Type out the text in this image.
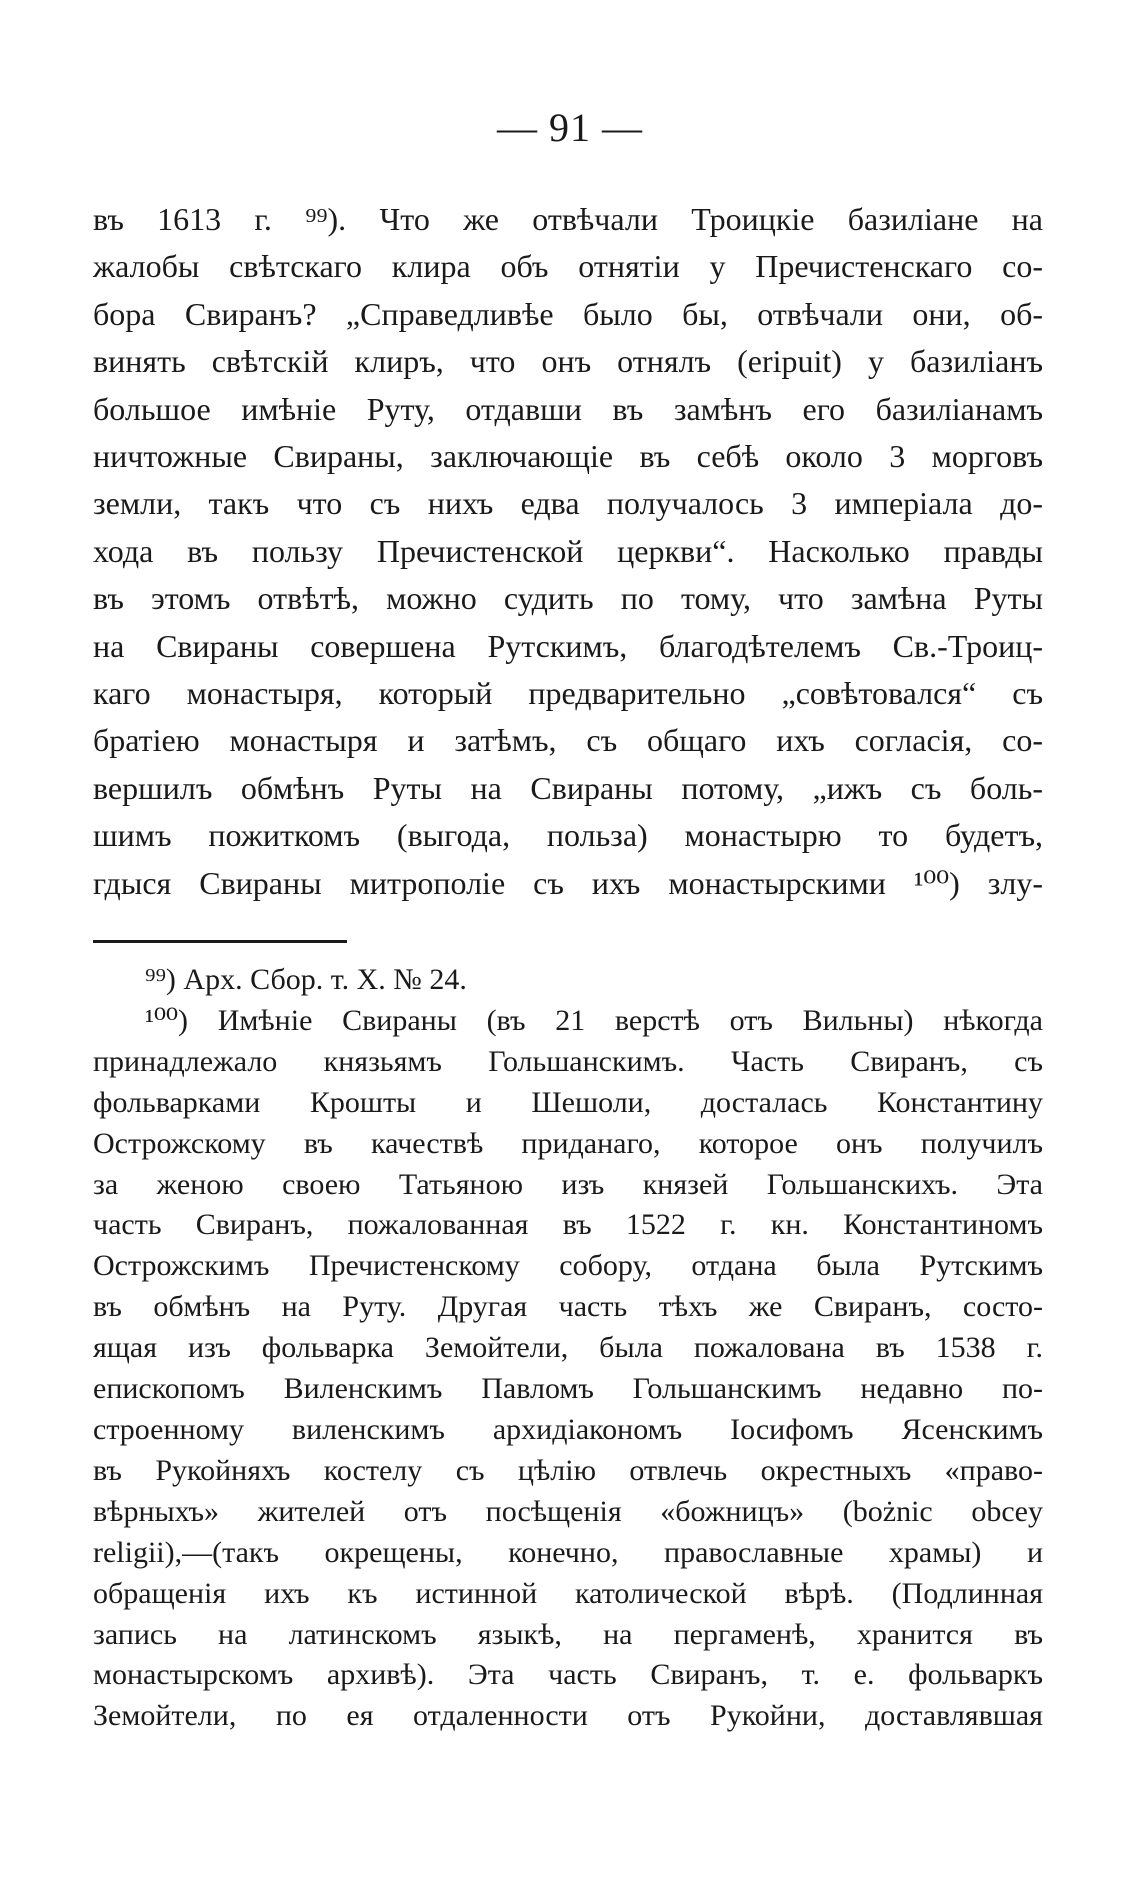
— 91 —
въ 1613 г. ⁹⁹). Что же отвѣчали Троицкіе базиліане на
жалобы свѣтскаго клира объ отнятіи у Пречистенскаго со-
бора Свиранъ? „Справедливѣе было бы, отвѣчали они, об-
винять свѣтскій клиръ, что онъ отнялъ (eripuit) у базиліанъ
большое имѣніе Руту, отдавши въ замѣнъ его базиліанамъ
ничтожные Свираны, заключающіе въ себѣ около 3 морговъ
земли, такъ что съ нихъ едва получалось 3 имперіала до-
хода въ пользу Пречистенской церкви“. Насколько правды
въ этомъ отвѣтѣ, можно судить по тому, что замѣна Руты
на Свираны совершена Рутскимъ, благодѣтелемъ Св.-Троиц-
каго монастыря, который предварительно „совѣтовался“ съ
братіею монастыря и затѣмъ, съ общаго ихъ согласія, со-
вершилъ обмѣнъ Руты на Свираны потому, „ижъ съ боль-
шимъ пожиткомъ (выгода, польза) монастырю то будетъ,
гдыся Свираны митрополіе съ ихъ монастырскими ¹⁰⁰) злу-
⁹⁹) Арх. Сбор. т. X. № 24.
¹⁰⁰) Имѣніе Свираны (въ 21 верстѣ отъ Вильны) нѣкогда
принадлежало князьямъ Гольшанскимъ. Часть Свиранъ, съ
фольварками Крошты и Шешоли, досталась Константину
Острожскому въ качествѣ приданаго, которое онъ получилъ
за женою своею Татьяною изъ князей Гольшанскихъ. Эта
часть Свиранъ, пожалованная въ 1522 г. кн. Константиномъ
Острожскимъ Пречистенскому собору, отдана была Рутскимъ
въ обмѣнъ на Руту. Другая часть тѣхъ же Свиранъ, состо-
ящая изъ фольварка Земойтели, была пожалована въ 1538 г.
епископомъ Виленскимъ Павломъ Гольшанскимъ недавно по-
строенному виленскимъ архидіакономъ Іосифомъ Ясенскимъ
въ Рукойняхъ костелу съ цѣлію отвлечь окрестныхъ «право-
вѣрныхъ» жителей отъ посѣщенія «божницъ» (bożnic obcey
religii),—(такъ окрещены, конечно, православные храмы) и
обращенія ихъ къ истинной католической вѣрѣ. (Подлинная
запись на латинскомъ языкѣ, на пергаменѣ, хранится въ
монастырскомъ архивѣ). Эта часть Свиранъ, т. е. фольваркъ
Земойтели, по ея отдаленности отъ Рукойни, доставлявшая
